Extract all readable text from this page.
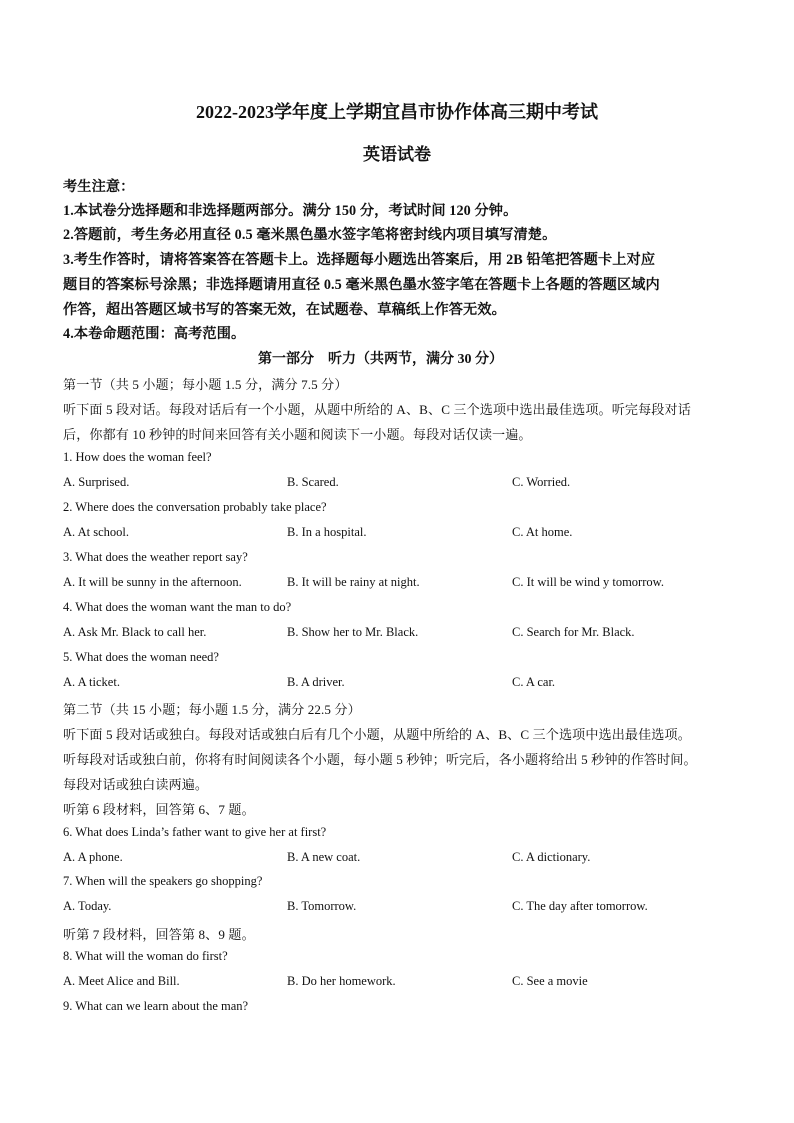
2022-2023学年度上学期宜昌市协作体高三期中考试
英语试卷
考生注意：
1.本试卷分选择题和非选择题两部分。满分 150 分，考试时间 120 分钟。
2.答题前，考生务必用直径 0.5 毫米黑色墨水签字笔将密封线内项目填写清楚。
3.考生作答时，请将答案答在答题卡上。选择题每小题选出答案后，用 2B 铅笔把答题卡上对应
题目的答案标号涂黑；非选择题请用直径 0.5 毫米黑色墨水签字笔在答题卡上各题的答题区域内
作答，超出答题区域书写的答案无效，在试题卷、草稿纸上作答无效。
4.本卷命题范围：高考范围。
第一部分　听力（共两节，满分 30 分）
第一节（共 5 小题；每小题 1.5 分，满分 7.5 分）
听下面 5 段对话。每段对话后有一个小题，从题中所给的 A、B、C 三个选项中选出最佳选项。听完每段对话
后，你都有 10 秒钟的时间来回答有关小题和阅读下一小题。每段对话仅读一遍。
1. How does the woman feel?
A. Surprised.	B. Scared.	C. Worried.
2. Where does the conversation probably take place?
A. At school.	B. In a hospital.	C. At home.
3. What does the weather report say?
A. It will be sunny in the afternoon.	B. It will be rainy at night.	C. It will be wind y tomorrow.
4. What does the woman want the man to do?
A. Ask Mr. Black to call her.	B. Show her to Mr. Black.	C. Search for Mr. Black.
5. What does the woman need?
A. A ticket.	B. A driver.	C. A car.
第二节（共 15 小题；每小题 1.5 分，满分 22.5 分）
听下面 5 段对话或独白。每段对话或独白后有几个小题，从题中所给的 A、B、C 三个选项中选出最佳选项。
听每段对话或独白前，你将有时间阅读各个小题，每小题 5 秒钟；听完后，各小题将给出 5 秒钟的作答时间。
每段对话或独白读两遍。
听第 6 段材料，回答第 6、7 题。
6. What does Linda’s father want to give her at first?
A. A phone.	B. A new coat.	C. A dictionary.
7. When will the speakers go shopping?
A. Today.	B. Tomorrow.	C. The day after tomorrow.
听第 7 段材料，回答第 8、9 题。
8. What will the woman do first?
A. Meet Alice and Bill.	B. Do her homework.	C. See a movie
9. What can we learn about the man?
